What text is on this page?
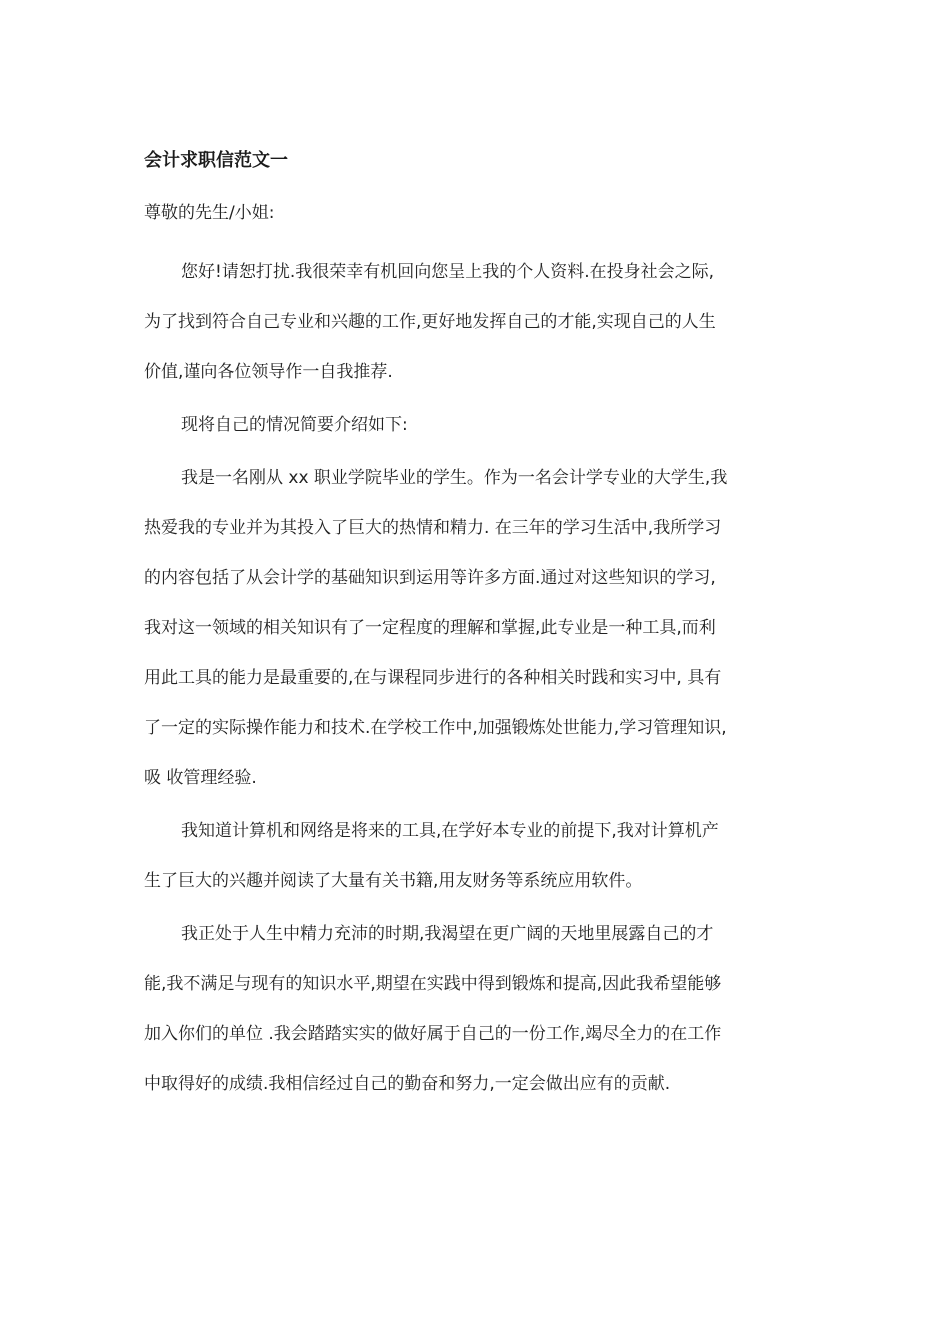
会计求职信范文一

尊敬的先生/小姐:

您好!请恕打扰.我很荣幸有机回向您呈上我的个人资料.在投身社会之际,
为了找到符合自己专业和兴趣的工作,更好地发挥自己的才能,实现自己的人生
价值,谨向各位领导作一自我推荐.

现将自己的情况简要介绍如下:

我是一名刚从 xx 职业学院毕业的学生。作为一名会计学专业的大学生,我
热爱我的专业并为其投入了巨大的热情和精力. 在三年的学习生活中,我所学习
的内容包括了从会计学的基础知识到运用等许多方面.通过对这些知识的学习,
我对这一领域的相关知识有了一定程度的理解和掌握,此专业是一种工具,而利
用此工具的能力是最重要的,在与课程同步进行的各种相关时践和实习中, 具有
了一定的实际操作能力和技术.在学校工作中,加强锻炼处世能力,学习管理知识,
吸 收管理经验.

我知道计算机和网络是将来的工具,在学好本专业的前提下,我对计算机产
生了巨大的兴趣并阅读了大量有关书籍,用友财务等系统应用软件。

我正处于人生中精力充沛的时期,我渴望在更广阔的天地里展露自己的才
能,我不满足与现有的知识水平,期望在实践中得到锻炼和提高,因此我希望能够
加入你们的单位 .我会踏踏实实的做好属于自己的一份工作,竭尽全力的在工作
中取得好的成绩.我相信经过自己的勤奋和努力,一定会做出应有的贡献.
